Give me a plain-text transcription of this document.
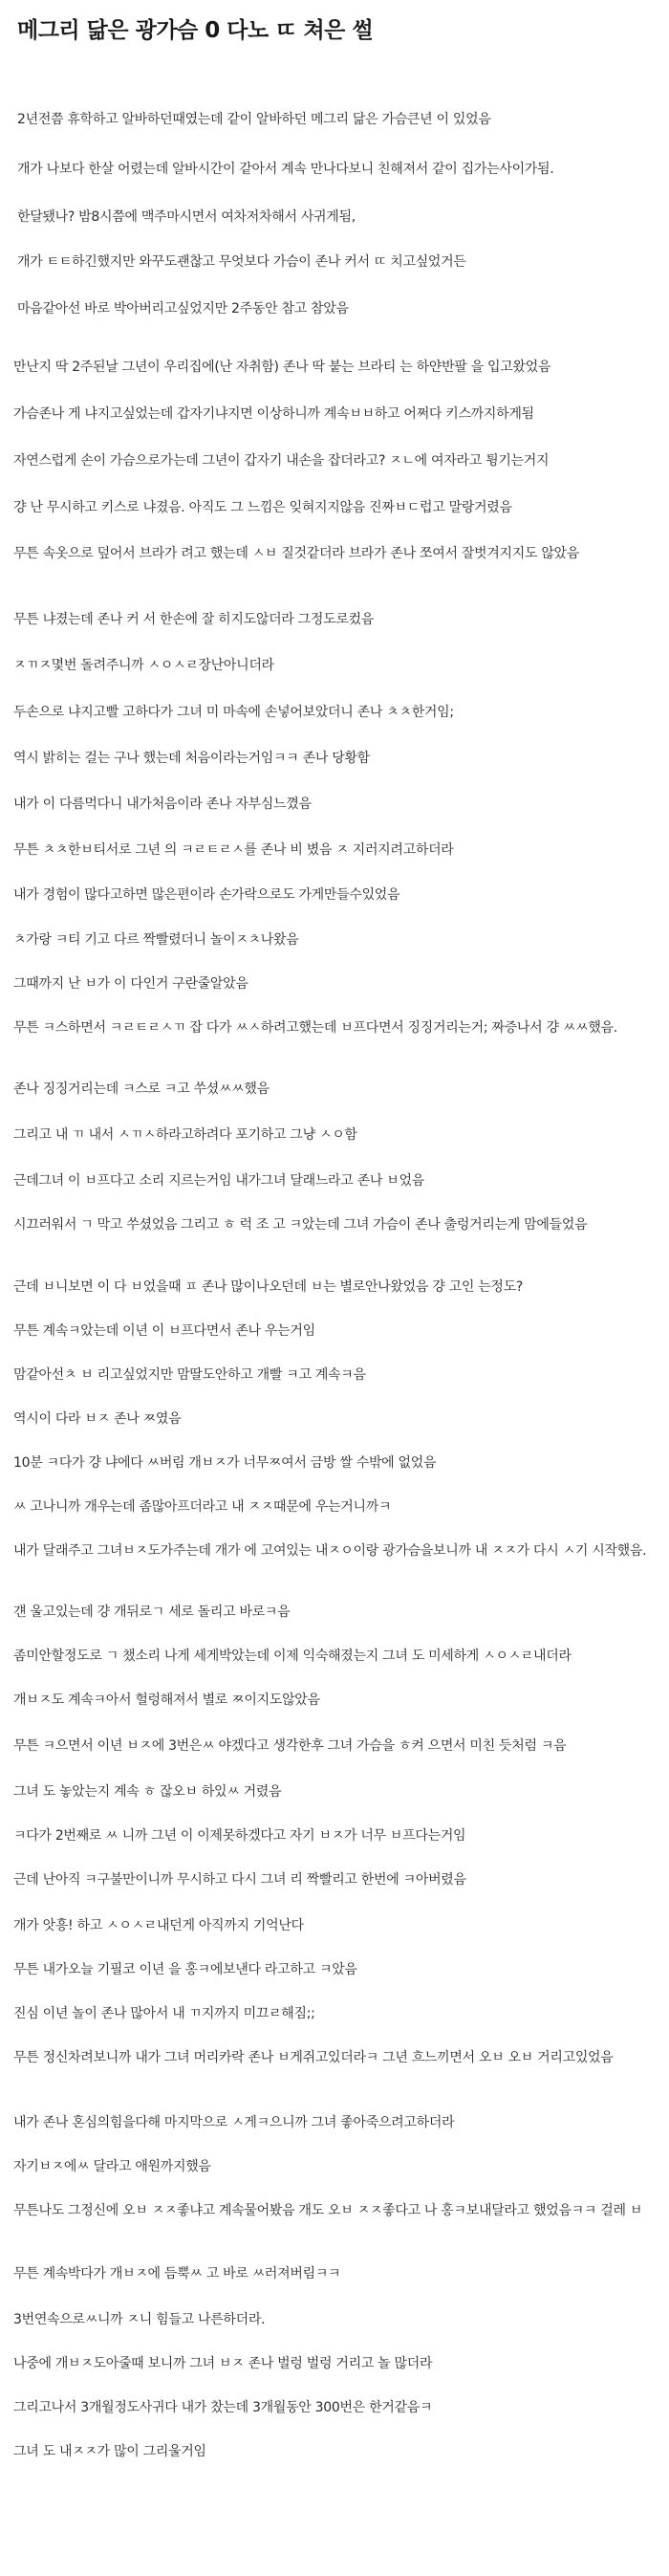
메그리 닮은 광가슴 0 다노 ㄸ 쳐은 썰

2년전쯤 휴학하고 알바하던때였는데 같이 알바하던 메그리 닮은 가슴큰년 이 있었음

개가 나보다 한살 어렸는데 알바시간이 같아서 계속 만나다보니 친해져서 같이 집가는사이가됨.

한달됐나? 밤8시쯤에 맥주마시면서 여차저차해서 사귀게됨,

개가 ㅌㅌ하긴했지만 와꾸도괜찮고 무엇보다 가슴이 존나 커서 ㄸ 치고싶었거든

마음같아선 바로 박아버리고싶었지만 2주동안 참고 참았음

만난지 딱 2주된날 그년이 우리집에(난 자취함) 존나 딱 붙는 브라티 는 하얀반팔 을 입고왔었음

가슴존나 게 냐지고싶었는데 갑자기냐지면 이상하니까 계속ㅂㅂ하고 어쩌다 키스까지하게됨

자연스럽게 손이 가슴으로가는데 그년이 갑자기 내손을 잡더라고? ㅈㄴ에 여자라고 튕기는거지

걍 난 무시하고 키스로 냐졌음. 아직도 그 느낌은 잊혀지지않음 진짜ㅂㄷ럽고 말랑거렸음

무튼 속옷으로 덮어서 브라가 려고 했는데 ㅅㅂ 질것같더라 브라가 존나 쪼여서 잘벗겨지지도 않았음

무튼 냐졌는데 존나 커 서 한손에 잘 히지도않더라 그정도로컸음

ㅈㄲㅈ몇번 돌려주니까 ㅅㅇㅅㄹ장난아니더라

두손으로 냐지고빨 고하다가 그녀 미 마속에 손넣어보았더니 존나 ㅊㅊ한거임;

역시 밝히는 걸는 구나 했는데 처음이라는거임ㅋㅋ 존나 당황함

내가 이 다름먹다니 내가처음이라 존나 자부심느꼈음

무튼 ㅊㅊ한ㅂ티서로 그년 의 ㅋㄹㅌㄹㅅ를 존나 비 볐음 ㅈ 지러지려고하더라

내가 경험이 많다고하면 많은편이라 손가락으로도 가게만들수있었음

ㅊ가랑 ㅋ티 기고 다르 짝빨렸더니 놀이ㅈㅊ나왔음

그때까지 난 ㅂ가 이 다인거 구란줄알았음

무튼 ㅋ스하면서 ㅋㄹㅌㄹㅅㄲ 잡 다가 ㅆㅅ하려고했는데 ㅂ프다면서 징징거리는거; 짜증나서 걍 ㅆㅆ했음.

존나 징징거리는데 ㅋ스로 ㅋ고 쑤셨ㅆㅆ했음

그리고 내 ㄲ 내서 ㅅㄲㅅ하라고하려다 포기하고 그냥 ㅅㅇ함

근데그녀 이 ㅂ프다고 소리 지르는거임 내가그녀 달래느라고 존나 ㅂ었음

시끄러워서 ㄱ 막고 쑤셨었음 그리고 ㅎ 럭 조 고 ㅋ았는데 그녀 가슴이 존나 출렁거리는게 맘에들었음

근데 ㅂ니보면 이 다 ㅂ었을때 ㅍ 존나 많이나오던데 ㅂ는 별로안나왔었음 걍 고인 는정도?

무튼 계속ㅋ았는데 이년 이 ㅂ프다면서 존나 우는거임

맘같아선ㅊ ㅂ 리고싶었지만 맘딸도안하고 개빨 ㅋ고 계속ㅋ음

역시이 다라 ㅂㅈ 존나 ㅉ였음

10분 ㅋ다가 걍 냐에다 ㅆ버림 개ㅂㅈ가 너무ㅉ여서 금방 쌀 수밖에 없었음

ㅆ 고나니까 개우는데 좀많아프더라고 내 ㅈㅈ때문에 우는거니까ㅋ

내가 달래주고 그녀ㅂㅈ도가주는데 개가 에 고여있는 내ㅈㅇ이랑 광가슴을보니까 내 ㅈㅈ가 다시 ㅅ기 시작했음.

걘 울고있는데 걍 개뒤로ㄱ 세로 돌리고 바로ㅋ음

좀미안할정도로 ㄱ 챘소리 나게 세게박았는데 이제 익숙해졌는지 그녀 도 미세하게 ㅅㅇㅅㄹ내더라

개ㅂㅈ도 계속ㅋ아서 헐렁해져서 별로 ㅉ이지도않았음

무튼 ㅋ으면서 이년 ㅂㅈ에 3번은ㅆ 야겠다고 생각한후 그녀 가슴을 ㅎ켜 으면서 미친 듯처럼 ㅋ음

그녀 도 놓았는지 계속 ㅎ 잖오ㅂ 하있ㅆ 거렸음

ㅋ다가 2번째로 ㅆ 니까 그년 이 이제못하겠다고 자기 ㅂㅈ가 너무 ㅂ프다는거임

근데 난아직 ㅋ구불만이니까 무시하고 다시 그녀 리 짝빨리고 한번에 ㅋ아버렸음

개가 앗흥! 하고 ㅅㅇㅅㄹ내던게 아직까지 기억난다

무튼 내가오늘 기필코 이년 을 홍ㅋ에보낸다 라고하고 ㅋ았음

진심 이년 놀이 존나 많아서 내 ㄲ지까지 미끄ㄹ해짐;;

무튼 정신차려보니까 내가 그녀 머리카락 존나 ㅂ게쥐고있더라ㅋ 그년 흐느끼면서 오ㅂ 오ㅂ 거리고있었음

내가 존나 혼심의힘을다해 마지막으로 ㅅ게ㅋ으니까 그녀 좋아죽으려고하더라

자기ㅂㅈ에ㅆ 달라고 애원까지했음

무튼나도 그정신에 오ㅂ ㅈㅈ좋냐고 계속물어봤음 개도 오ㅂ ㅈㅈ좋다고 나 홍ㅋ보내달라고 했었음ㅋㅋ 걸레 ㅂ

무튼 계속박다가 개ㅂㅈ에 듬뿍ㅆ 고 바로 ㅆ러져버림ㅋㅋ

3번연속으로ㅆ니까 ㅈ니 힘들고 나른하더라.

나중에 개ㅂㅈ도아줄때 보니까 그녀 ㅂㅈ 존나 벌렁 벌렁 거리고 놀 많더라

그리고나서 3개월정도사귀다 내가 찼는데 3개월동안 300번은 한거같음ㅋ

그녀 도 내ㅈㅈ가 많이 그리울거임
